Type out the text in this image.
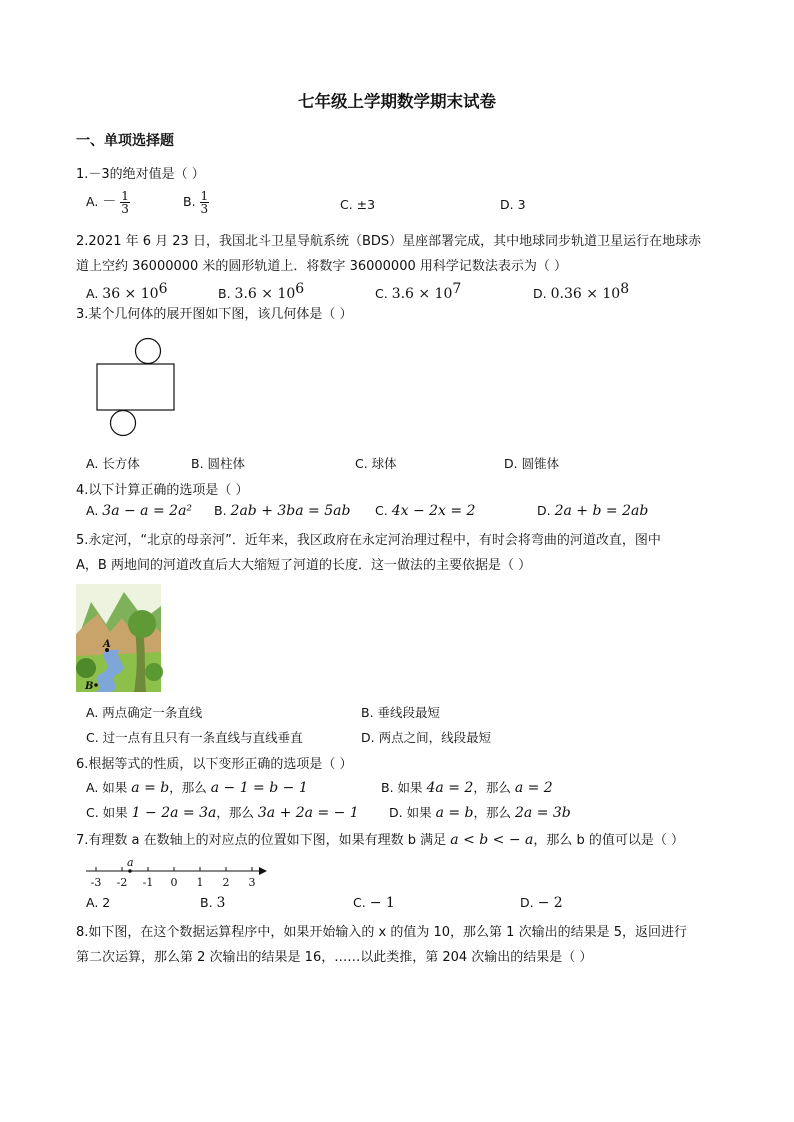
七年级上学期数学期末试卷
一、单项选择题
1.－3的绝对值是（ ）
A. － $\frac{1}{3}$	B. $\frac{1}{3}$	C. ±3	D. 3
2.2021 年 6 月 23 日，我国北斗卫星导航系统（BDS）星座部署完成，其中地球同步轨道卫星运行在地球赤
道上空约 36000000 米的圆形轨道上．将数字 36000000 用科学记数法表示为（ ）
A. $36 \times 10^6$	B. $3.6 \times 10^6$	C. $3.6 \times 10^7$	D. $0.36 \times 10^8$
3.某个几何体的展开图如下图，该几何体是（ ）
A. 长方体	B. 圆柱体	C. 球体	D. 圆锥体
4.以下计算正确的选项是（ ）
A. 3a − a = 2a² B. 2ab + 3ba = 5ab C. 4x − 2x = 2	D. 2a + b = 2ab
5.永定河，“北京的母亲河”．近年来，我区政府在永定河治理过程中，有时会将弯曲的河道改直，图中
A，B 两地间的河道改直后大大缩短了河道的长度．这一做法的主要依据是（ ）
A
B
A. 两点确定一条直线	B. 垂线段最短
C. 过一点有且只有一条直线与直线垂直	D. 两点之间，线段最短
6.根据等式的性质，以下变形正确的选项是（ ）
A. 如果 a = b，那么 a − 1 = b − 1	B. 如果 4a = 2，那么 a = 2
C. 如果 1 − 2a = 3a，那么 3a + 2a = − 1 D. 如果 a = b，那么 2a = 3b
7.有理数 a 在数轴上的对应点的位置如下图，如果有理数 b 满足 a < b < − a，那么 b 的值可以是（ ）
a
-3 -2 -1 0 1 2 3
A. 2	B. 3	C. − 1	D. − 2
8.如下图，在这个数据运算程序中，如果开始输入的 x 的值为 10，那么第 1 次输出的结果是 5，返回进行
第二次运算，那么第 2 次输出的结果是 16，……以此类推，第 204 次输出的结果是（ ）
